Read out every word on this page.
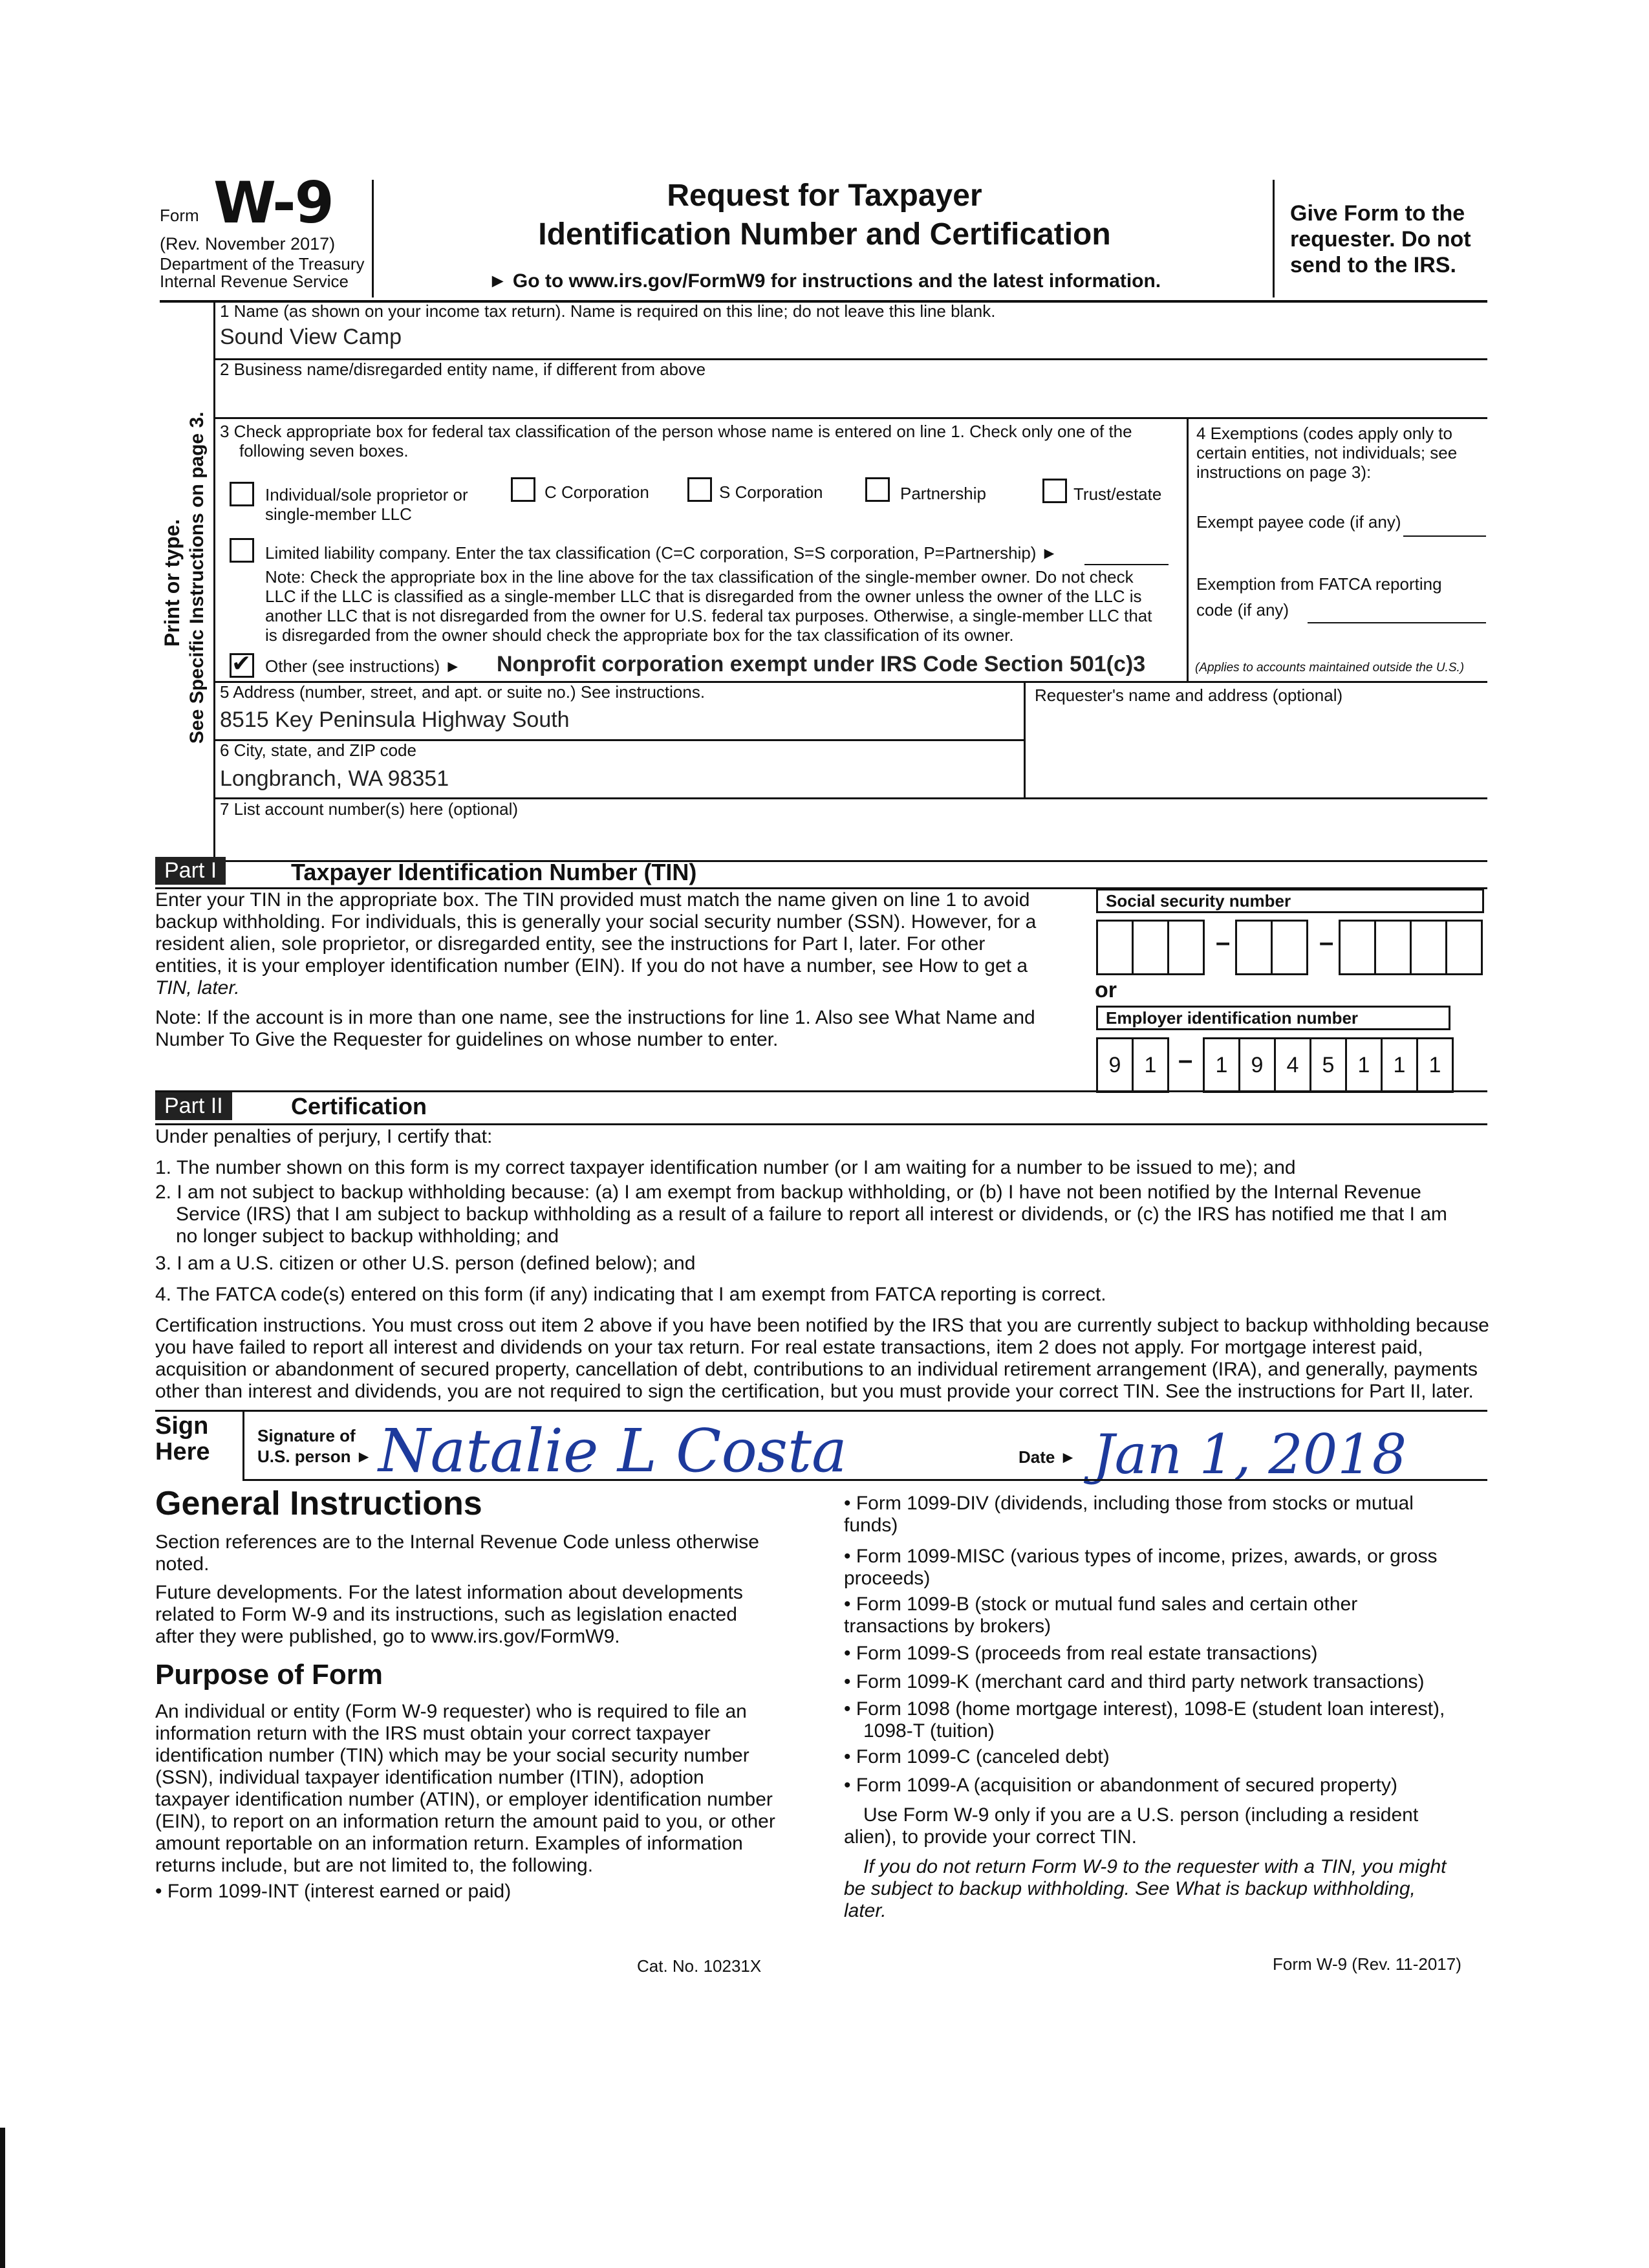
Form W-9
(Rev. November 2017)
Department of the Treasury
Internal Revenue Service
Request for Taxpayer
Identification Number and Certification
► Go to www.irs.gov/FormW9 for instructions and the latest information.
Give Form to the
requester. Do not
send to the IRS.
Print or type. See Specific Instructions on page 3.
1 Name (as shown on your income tax return). Name is required on this line; do not leave this line blank.
Sound View Camp
2 Business name/disregarded entity name, if different from above
3 Check appropriate box for federal tax classification of the person whose name is entered on line 1. Check only one of the
following seven boxes.
Individual/sole proprietor or
single-member LLC
C Corporation	S Corporation	Partnership	Trust/estate
Limited liability company. Enter the tax classification (C=C corporation, S=S corporation, P=Partnership) ►
Note: Check the appropriate box in the line above for the tax classification of the single-member owner. Do not check
LLC if the LLC is classified as a single-member LLC that is disregarded from the owner unless the owner of the LLC is
another LLC that is not disregarded from the owner for U.S. federal tax purposes. Otherwise, a single-member LLC that
is disregarded from the owner should check the appropriate box for the tax classification of its owner.
✔ Other (see instructions) ► Nonprofit corporation exempt under IRS Code Section 501(c)3
4 Exemptions (codes apply only to
certain entities, not individuals; see
instructions on page 3):
Exempt payee code (if any)
Exemption from FATCA reporting
code (if any)
(Applies to accounts maintained outside the U.S.)
5 Address (number, street, and apt. or suite no.) See instructions.
8515 Key Peninsula Highway South
Requester's name and address (optional)
6 City, state, and ZIP code
Longbranch, WA 98351
7 List account number(s) here (optional)
Part I	Taxpayer Identification Number (TIN)
Enter your TIN in the appropriate box. The TIN provided must match the name given on line 1 to avoid
backup withholding. For individuals, this is generally your social security number (SSN). However, for a
resident alien, sole proprietor, or disregarded entity, see the instructions for Part I, later. For other
entities, it is your employer identification number (EIN). If you do not have a number, see How to get a
TIN, later.
Note: If the account is in more than one name, see the instructions for line 1. Also see What Name and
Number To Give the Requester for guidelines on whose number to enter.
Social security number
–	–
or
Employer identification number
9	1 –	1	9	4	5	1	1	1
Part II	Certification
Under penalties of perjury, I certify that:
1. The number shown on this form is my correct taxpayer identification number (or I am waiting for a number to be issued to me); and
2. I am not subject to backup withholding because: (a) I am exempt from backup withholding, or (b) I have not been notified by the Internal Revenue
Service (IRS) that I am subject to backup withholding as a result of a failure to report all interest or dividends, or (c) the IRS has notified me that I am
no longer subject to backup withholding; and
3. I am a U.S. citizen or other U.S. person (defined below); and
4. The FATCA code(s) entered on this form (if any) indicating that I am exempt from FATCA reporting is correct.
Certification instructions. You must cross out item 2 above if you have been notified by the IRS that you are currently subject to backup withholding because
you have failed to report all interest and dividends on your tax return. For real estate transactions, item 2 does not apply. For mortgage interest paid,
acquisition or abandonment of secured property, cancellation of debt, contributions to an individual retirement arrangement (IRA), and generally, payments
other than interest and dividends, you are not required to sign the certification, but you must provide your correct TIN. See the instructions for Part II, later.
Sign
Here
Signature of
U.S. person ► Natalie L Costa	Date ► Jan 1, 2018
General Instructions
Section references are to the Internal Revenue Code unless otherwise
noted.
Future developments. For the latest information about developments
related to Form W-9 and its instructions, such as legislation enacted
after they were published, go to www.irs.gov/FormW9.
Purpose of Form
An individual or entity (Form W-9 requester) who is required to file an
information return with the IRS must obtain your correct taxpayer
identification number (TIN) which may be your social security number
(SSN), individual taxpayer identification number (ITIN), adoption
taxpayer identification number (ATIN), or employer identification number
(EIN), to report on an information return the amount paid to you, or other
amount reportable on an information return. Examples of information
returns include, but are not limited to, the following.
• Form 1099-INT (interest earned or paid)
• Form 1099-DIV (dividends, including those from stocks or mutual
funds)
• Form 1099-MISC (various types of income, prizes, awards, or gross
proceeds)
• Form 1099-B (stock or mutual fund sales and certain other
transactions by brokers)
• Form 1099-S (proceeds from real estate transactions)
• Form 1099-K (merchant card and third party network transactions)
• Form 1098 (home mortgage interest), 1098-E (student loan interest),
1098-T (tuition)
• Form 1099-C (canceled debt)
• Form 1099-A (acquisition or abandonment of secured property)
Use Form W-9 only if you are a U.S. person (including a resident
alien), to provide your correct TIN.
If you do not return Form W-9 to the requester with a TIN, you might
be subject to backup withholding. See What is backup withholding,
later.
Cat. No. 10231X	Form W-9 (Rev. 11-2017)
